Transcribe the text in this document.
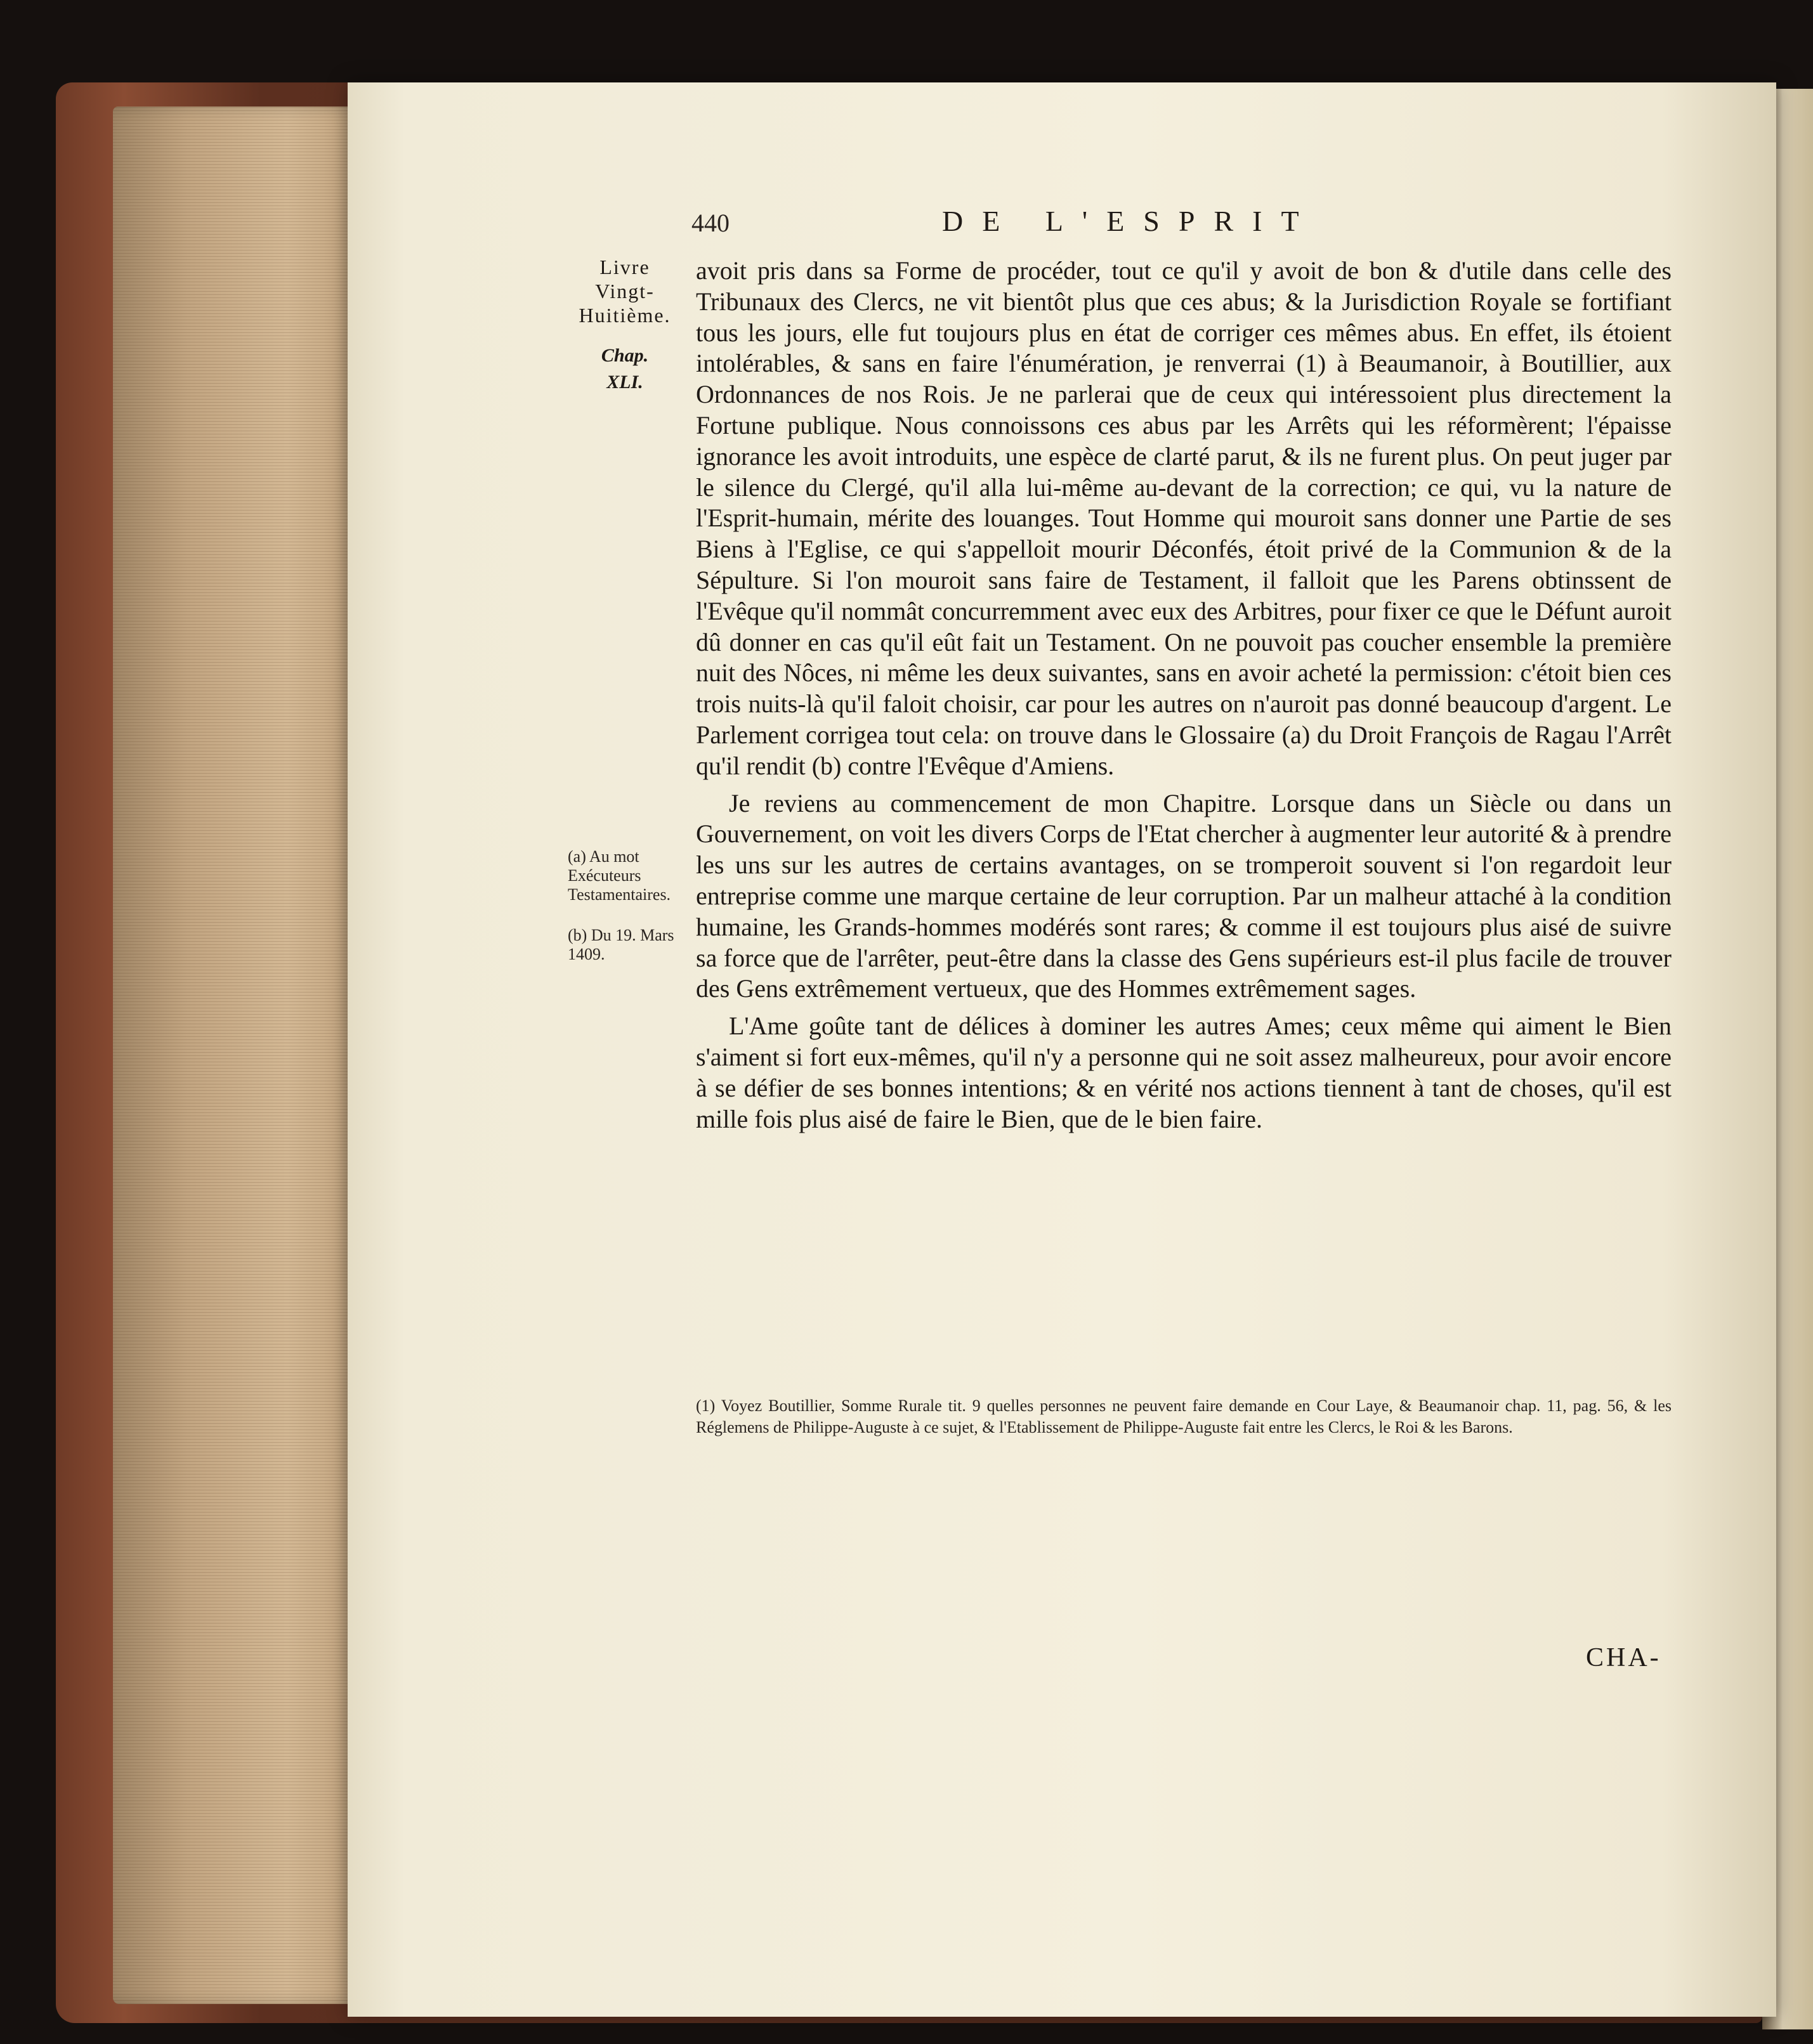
440	DE L'ESPRIT
Livre
Vingt-
Huitième.
Chap.
XLI.
(a) Au mot Exécuteurs Testamentaires.
(b) Du 19. Mars 1409.

avoit pris dans sa Forme de procéder, tout ce qu'il y avoit de bon & d'utile dans celle des Tribunaux des Clercs, ne vit bientôt plus que ces abus; & la Jurisdiction Royale se fortifiant tous les jours, elle fut toujours plus en état de corriger ces mêmes abus. En effet, ils étoient intolérables, & sans en faire l'énumération, je renverrai (1) à Beaumanoir, à Boutillier, aux Ordonnances de nos Rois. Je ne parlerai que de ceux qui intéressoient plus directement la Fortune publique. Nous connoissons ces abus par les Arrêts qui les réformèrent; l'épaisse ignorance les avoit introduits, une espèce de clarté parut, & ils ne furent plus. On peut juger par le silence du Clergé, qu'il alla lui-même au-devant de la correction; ce qui, vu la nature de l'Esprit-humain, mérite des louanges. Tout Homme qui mouroit sans donner une Partie de ses Biens à l'Eglise, ce qui s'appelloit mourir Déconfés, étoit privé de la Communion & de la Sépulture. Si l'on mouroit sans faire de Testament, il falloit que les Parens obtinssent de l'Evêque qu'il nommât concurremment avec eux des Arbitres, pour fixer ce que le Défunt auroit dû donner en cas qu'il eût fait un Testament. On ne pouvoit pas coucher ensemble la première nuit des Nôces, ni même les deux suivantes, sans en avoir acheté la permission: c'étoit bien ces trois nuits-là qu'il faloit choisir, car pour les autres on n'auroit pas donné beaucoup d'argent. Le Parlement corrigea tout cela: on trouve dans le Glossaire (a) du Droit François de Ragau l'Arrêt qu'il rendit (b) contre l'Evêque d'Amiens.

Je reviens au commencement de mon Chapitre. Lorsque dans un Siècle ou dans un Gouvernement, on voit les divers Corps de l'Etat chercher à augmenter leur autorité & à prendre les uns sur les autres de certains avantages, on se tromperoit souvent si l'on regardoit leur entreprise comme une marque certaine de leur corruption. Par un malheur attaché à la condition humaine, les Grands-hommes modérés sont rares; & comme il est toujours plus aisé de suivre sa force que de l'arrêter, peut-être dans la classe des Gens supérieurs est-il plus facile de trouver des Gens extrêmement vertueux, que des Hommes extrêmement sages.

L'Ame goûte tant de délices à dominer les autres Ames; ceux même qui aiment le Bien s'aiment si fort eux-mêmes, qu'il n'y a personne qui ne soit assez malheureux, pour avoir encore à se défier de ses bonnes intentions; & en vérité nos actions tiennent à tant de choses, qu'il est mille fois plus aisé de faire le Bien, que de le bien faire.

(1) Voyez Boutillier, Somme Rurale tit. 9 quelles personnes ne peuvent faire demande en Cour Laye, & Beaumanoir chap. 11, pag. 56, & les Réglemens de Philippe-Auguste à ce sujet, & l'Etablissement de Philippe-Auguste fait entre les Clercs, le Roi & les Barons.
CHA-
